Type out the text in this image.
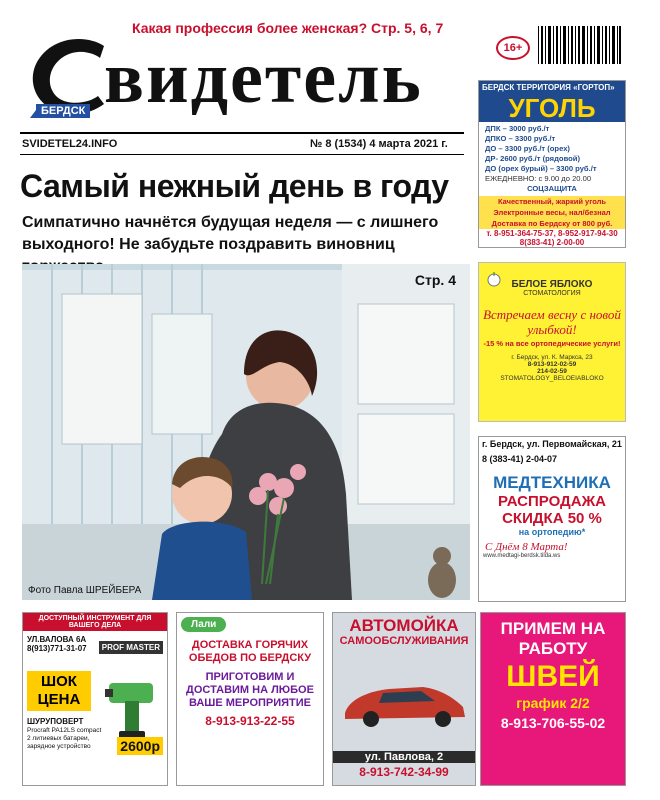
Какая профессия более женская? Стр. 5, 6, 7
16+
видетель
БЕРДСК
SVIDETEL24.INFO	№ 8 (1534) 4 марта 2021 г.
Самый нежный день в году
Симпатично начнётся будущая неделя — с лишнего выходного! Не забудьте поздравить виновниц
Стр. 4
Фото Павла ШРЕЙБЕРА
БЕРДСК ТЕРРИТОРИЯ «ГОРТОП»
УГОЛЬ
ДПК – 3000 руб./т
ДПКО – 3300 руб./т
ДО – 3300 руб./т (орех)
ДР- 2600 руб./т (рядовой)
ДО (орех бурый) – 3300 руб./т
ЕЖЕДНЕВНО: с 9.00 до 20.00
СОЦЗАЩИТА
Качественный, жаркий уголь
Электронные весы, нал/безнал
Доставка по Бердску от 800 руб.
т. 8-951-364-75-37, 8-952-917-94-30
8(383-41) 2-00-00
БЕЛОЕ ЯБЛОКО
СТОМАТОЛОГИЯ
Встречаем весну с новой улыбкой!
-15 % на все ортопедические услуги!
г. Бердск, ул. К. Маркса, 23
8-913-912-02-59
214-02-59
STOMATOLOGY_BELOEIABLOKO
г. Бердск, ул. Первомайская, 21
8 (383-41) 2-04-07
МЕДТЕХНИКА
РАСПРОДАЖА
СКИДКА 50 %
на ортопедию*
С Днём 8 Марта!
www.medtagi-berdsk.tilda.ws
ДОСТУПНЫЙ ИНСТРУМЕНТ ДЛЯ ВАШЕГО ДЕЛА
УЛ.ВАЛОВА 6А
8(913)771-31-07	PROF MASTER
ШОК ЦЕНА
ШУРУПОВЕРТ
Procraft PA12LS compact 2 литиевых батареи, зарядное устройство	2600р
Лали
ДОСТАВКА ГОРЯЧИХ ОБЕДОВ ПО БЕРДСКУ
ПРИГОТОВИМ И ДОСТАВИМ НА ЛЮБОЕ ВАШЕ МЕРОПРИЯТИЕ
8-913-913-22-55
АВТОМОЙКА
САМООБСЛУЖИВАНИЯ
ул. Павлова, 2
8-913-742-34-99
ПРИМЕМ НА РАБОТУ
ШВЕЙ
график 2/2
8-913-706-55-02
